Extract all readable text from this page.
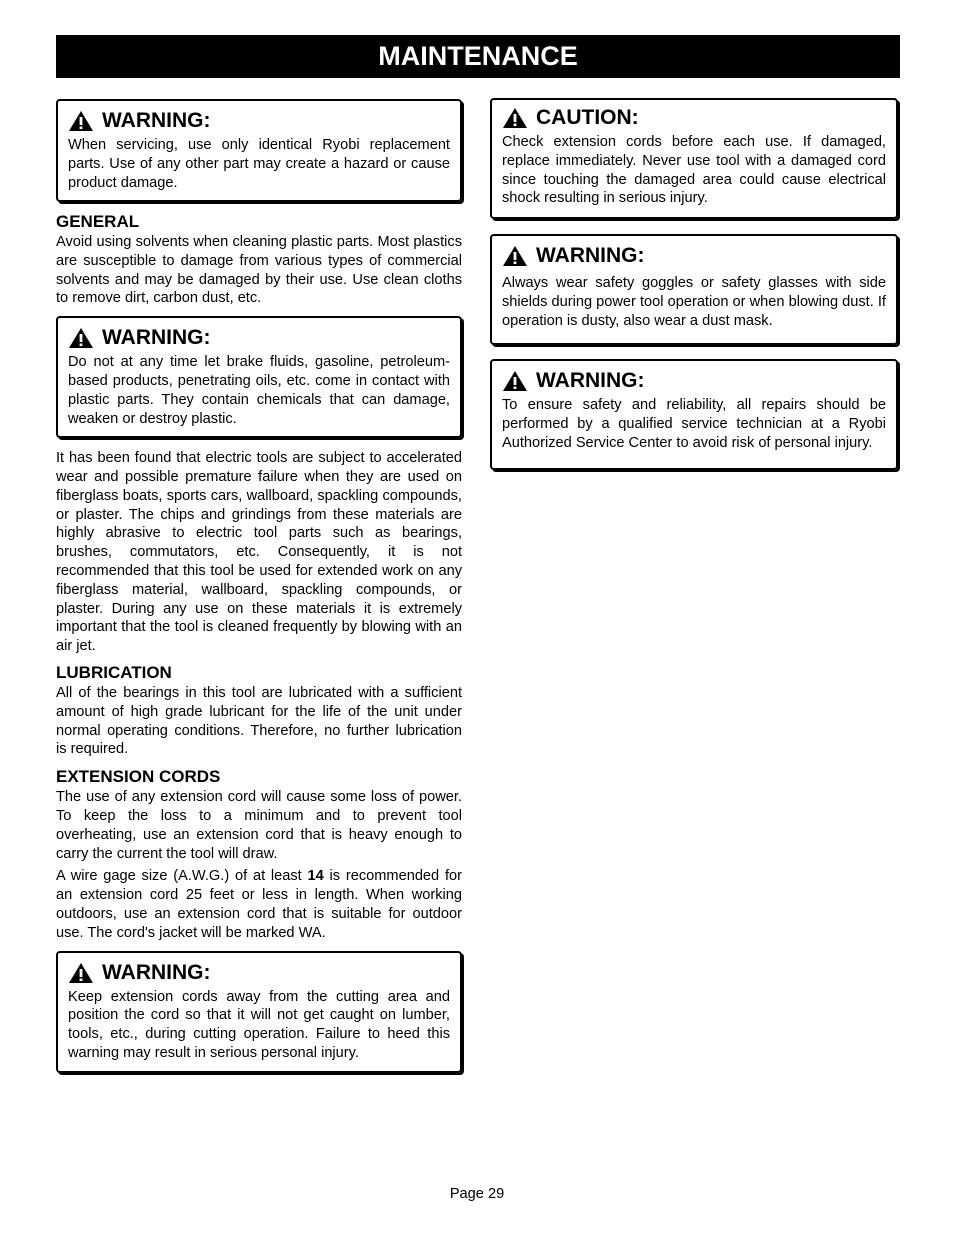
MAINTENANCE
WARNING:

When servicing, use only identical Ryobi replacement parts. Use of any other part may create a hazard or cause product damage.

GENERAL

Avoid using solvents when cleaning plastic parts. Most plastics are susceptible to damage from various types of commercial solvents and may be damaged by their use. Use clean cloths to remove dirt, carbon dust, etc.

WARNING:

Do not at any time let brake fluids, gasoline, petroleum-based products, penetrating oils, etc. come in contact with plastic parts. They contain chemicals that can damage, weaken or destroy plastic.

It has been found that electric tools are subject to accelerated wear and possible premature failure when they are used on fiberglass boats, sports cars, wallboard, spackling compounds, or plaster. The chips and grindings from these materials are highly abrasive to electric tool parts such as bearings, brushes, commutators, etc. Consequently, it is not recommended that this tool be used for extended work on any fiberglass material, wallboard, spackling compounds, or plaster. During any use on these materials it is extremely important that the tool is cleaned frequently by blowing with an air jet.

LUBRICATION

All of the bearings in this tool are lubricated with a sufficient amount of high grade lubricant for the life of the unit under normal operating conditions. Therefore, no further lubrication is required.

EXTENSION CORDS

The use of any extension cord will cause some loss of power. To keep the loss to a minimum and to prevent tool overheating, use an extension cord that is heavy enough to carry the current the tool will draw.

A wire gage size (A.W.G.) of at least 14 is recommended for an extension cord 25 feet or less in length. When working outdoors, use an extension cord that is suitable for outdoor use. The cord's jacket will be marked WA.

WARNING:

Keep extension cords away from the cutting area and position the cord so that it will not get caught on lumber, tools, etc., during cutting operation. Failure to heed this warning may result in serious personal injury.

CAUTION:

Check extension cords before each use. If damaged, replace immediately. Never use tool with a damaged cord since touching the damaged area could cause electrical shock resulting in serious injury.

WARNING:

Always wear safety goggles or safety glasses with side shields during power tool operation or when blowing dust. If operation is dusty, also wear a dust mask.

WARNING:

To ensure safety and reliability, all repairs should be performed by a qualified service technician at a Ryobi Authorized Service Center to avoid risk of personal injury.

Page 29
